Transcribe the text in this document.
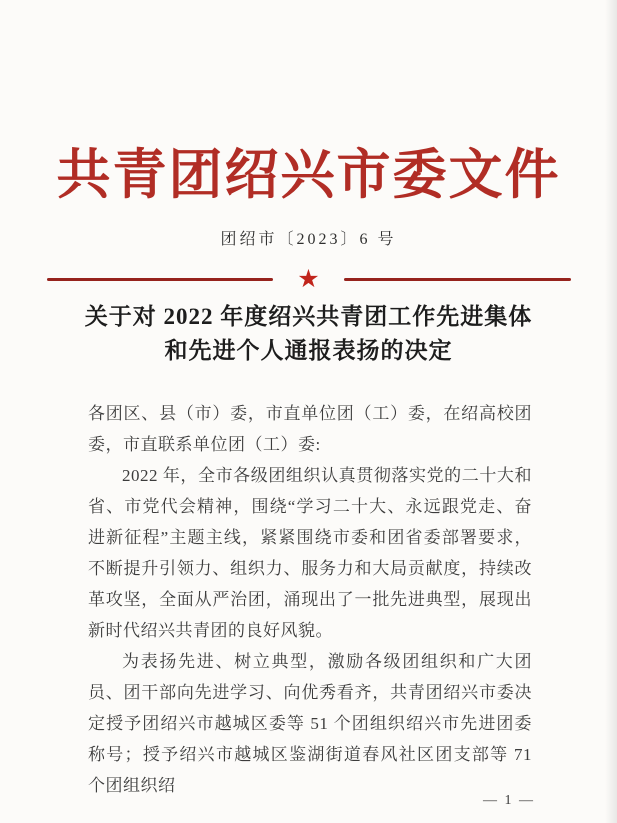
共青团绍兴市委文件
团绍市〔2023〕6 号
★
关于对 2022 年度绍兴共青团工作先进集体
和先进个人通报表扬的决定

各团区、县（市）委，市直单位团（工）委，在绍高校团委，市直联系单位团（工）委:

2022 年，全市各级团组织认真贯彻落实党的二十大和省、市党代会精神，围绕“学习二十大、永远跟党走、奋进新征程”主题主线，紧紧围绕市委和团省委部署要求，不断提升引领力、组织力、服务力和大局贡献度，持续改革攻坚，全面从严治团，涌现出了一批先进典型，展现出新时代绍兴共青团的良好风貌。

为表扬先进、树立典型，激励各级团组织和广大团员、团干部向先进学习、向优秀看齐，共青团绍兴市委决定授予团绍兴市越城区委等 51 个团组织绍兴市先进团委称号；授予绍兴市越城区鉴湖街道春风社区团支部等 71 个团组织绍

— 1 —
